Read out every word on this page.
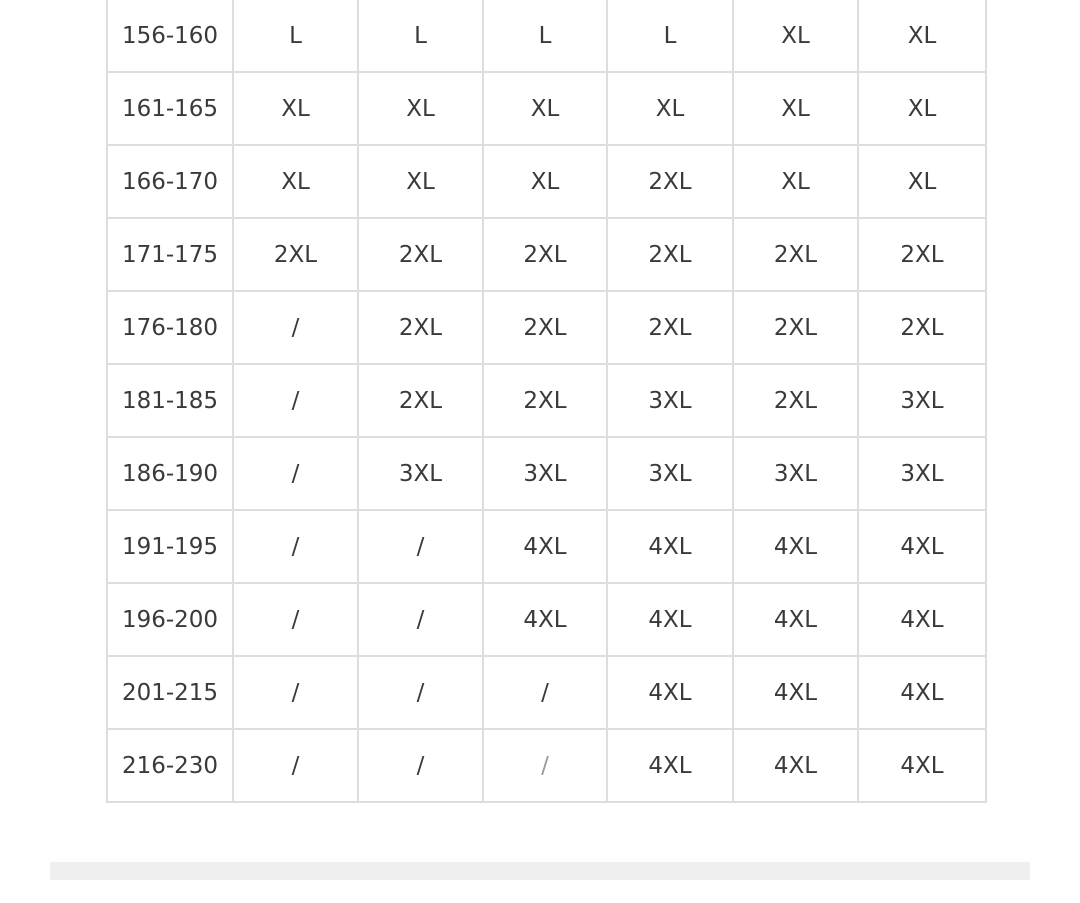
156-160	L	L	L	L	XL	XL
161-165	XL	XL	XL	XL	XL	XL
166-170	XL	XL	XL	2XL	XL	XL
171-175	2XL	2XL	2XL	2XL	2XL	2XL
176-180	/	2XL	2XL	2XL	2XL	2XL
181-185	/	2XL	2XL	3XL	2XL	3XL
186-190	/	3XL	3XL	3XL	3XL	3XL
191-195	/	/	4XL	4XL	4XL	4XL
196-200	/	/	4XL	4XL	4XL	4XL
201-215	/	/	/	4XL	4XL	4XL
216-230	/	/	/	4XL	4XL	4XL
